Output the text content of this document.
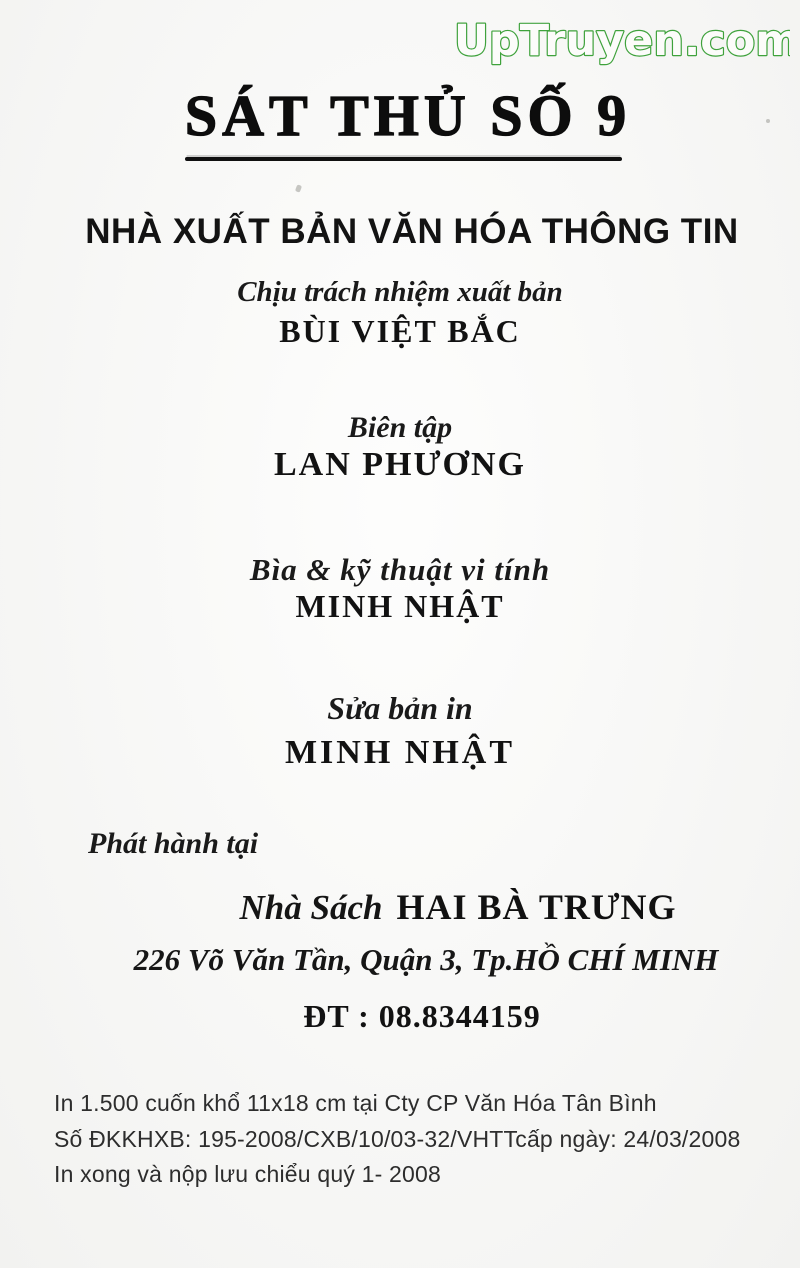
UpTruyen.com
SÁT THỦ SỐ 9
NHÀ XUẤT BẢN VĂN HÓA THÔNG TIN
Chịu trách nhiệm xuất bản
BÙI VIỆT BẮC
Biên tập
LAN PHƯƠNG
Bìa & kỹ thuật vi tính
MINH NHẬT
Sửa bản in
MINH NHẬT
Phát hành tại
Nhà Sách HAI BÀ TRƯNG
226 Võ Văn Tần, Quận 3, Tp.HỒ CHÍ MINH
ĐT : 08.8344159
In 1.500 cuốn khổ 11x18 cm tại Cty CP Văn Hóa Tân Bình
Số ĐKKHXB: 195-2008/CXB/10/03-32/VHTTcấp ngày: 24/03/2008
In xong và nộp lưu chiểu quý 1- 2008
